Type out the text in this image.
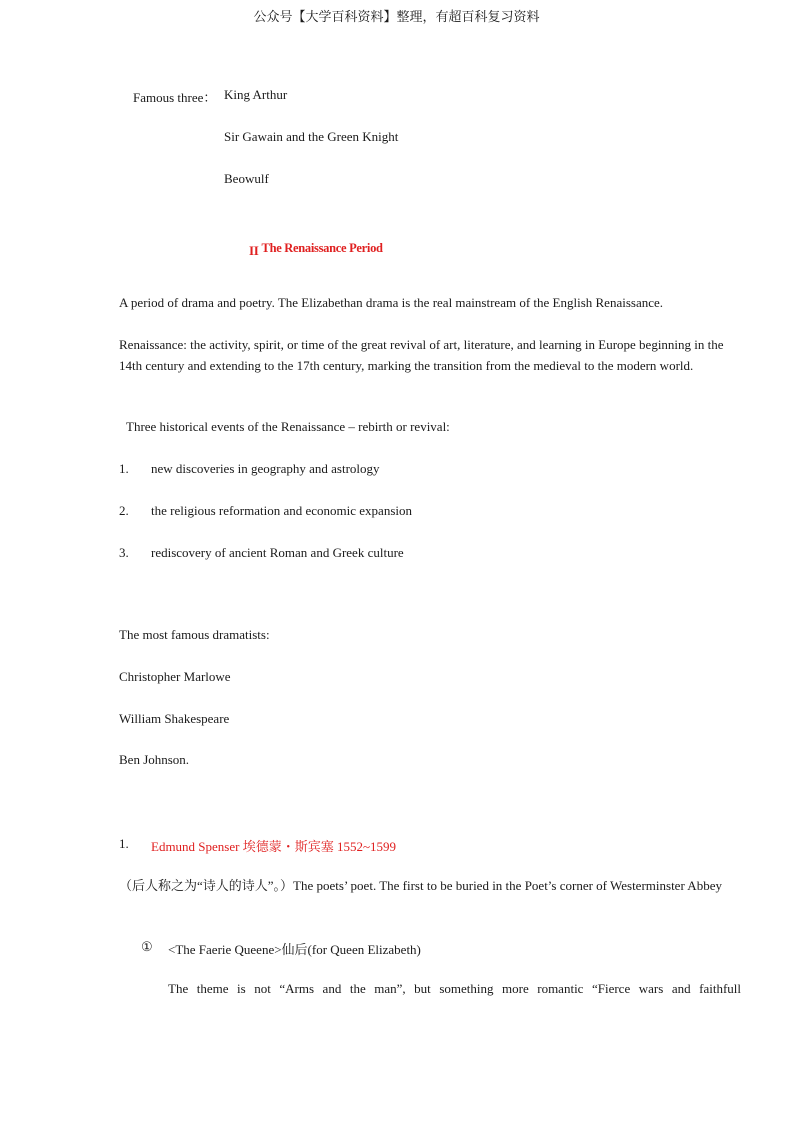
公众号【大学百科资料】整理，有超百科复习资料
Famous three： King Arthur
Sir Gawain and the Green Knight
Beowulf
II The Renaissance Period
A period of drama and poetry. The Elizabethan drama is the real mainstream of the English Renaissance.
Renaissance: the activity, spirit, or time of the great revival of art, literature, and learning in Europe beginning in the 14th century and extending to the 17th century, marking the transition from the medieval to the modern world.
Three historical events of the Renaissance – rebirth or revival:
1. new discoveries in geography and astrology
2. the religious reformation and economic expansion
3. rediscovery of ancient Roman and Greek culture
The most famous dramatists:
Christopher Marlowe
William Shakespeare
Ben Johnson.
1. Edmund Spenser 埃德蒙・斯宾塞 1552~1599
（后人称之为“诗人的诗人”。）The poets’ poet. The first to be buried in the Poet’s corner of Westerminster Abbey
① <The Faerie Queene>仙后(for Queen Elizabeth)
The theme is not “Arms and the man”, but something more romantic “Fierce wars and faithfull
